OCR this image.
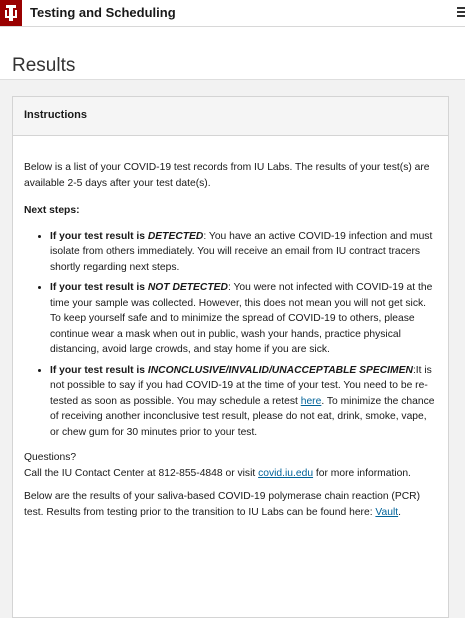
Testing and Scheduling
Results
Instructions

Below is a list of your COVID-19 test records from IU Labs. The results of your test(s) are available 2-5 days after your test date(s).

Next steps:

• If your test result is DETECTED: You have an active COVID-19 infection and must isolate from others immediately. You will receive an email from IU contract tracers shortly regarding next steps.
• If your test result is NOT DETECTED: You were not infected with COVID-19 at the time your sample was collected. However, this does not mean you will not get sick. To keep yourself safe and to minimize the spread of COVID-19 to others, please continue wear a mask when out in public, wash your hands, practice physical distancing, avoid large crowds, and stay home if you are sick.
• If your test result is INCONCLUSIVE/INVALID/UNACCEPTABLE SPECIMEN:It is not possible to say if you had COVID-19 at the time of your test. You need to be re-tested as soon as possible. You may schedule a retest here. To minimize the chance of receiving another inconclusive test result, please do not eat, drink, smoke, vape, or chew gum for 30 minutes prior to your test.

Questions?

Call the IU Contact Center at 812-855-4848 or visit covid.iu.edu for more information.

Below are the results of your saliva-based COVID-19 polymerase chain reaction (PCR) test. Results from testing prior to the transition to IU Labs can be found here: Vault.
